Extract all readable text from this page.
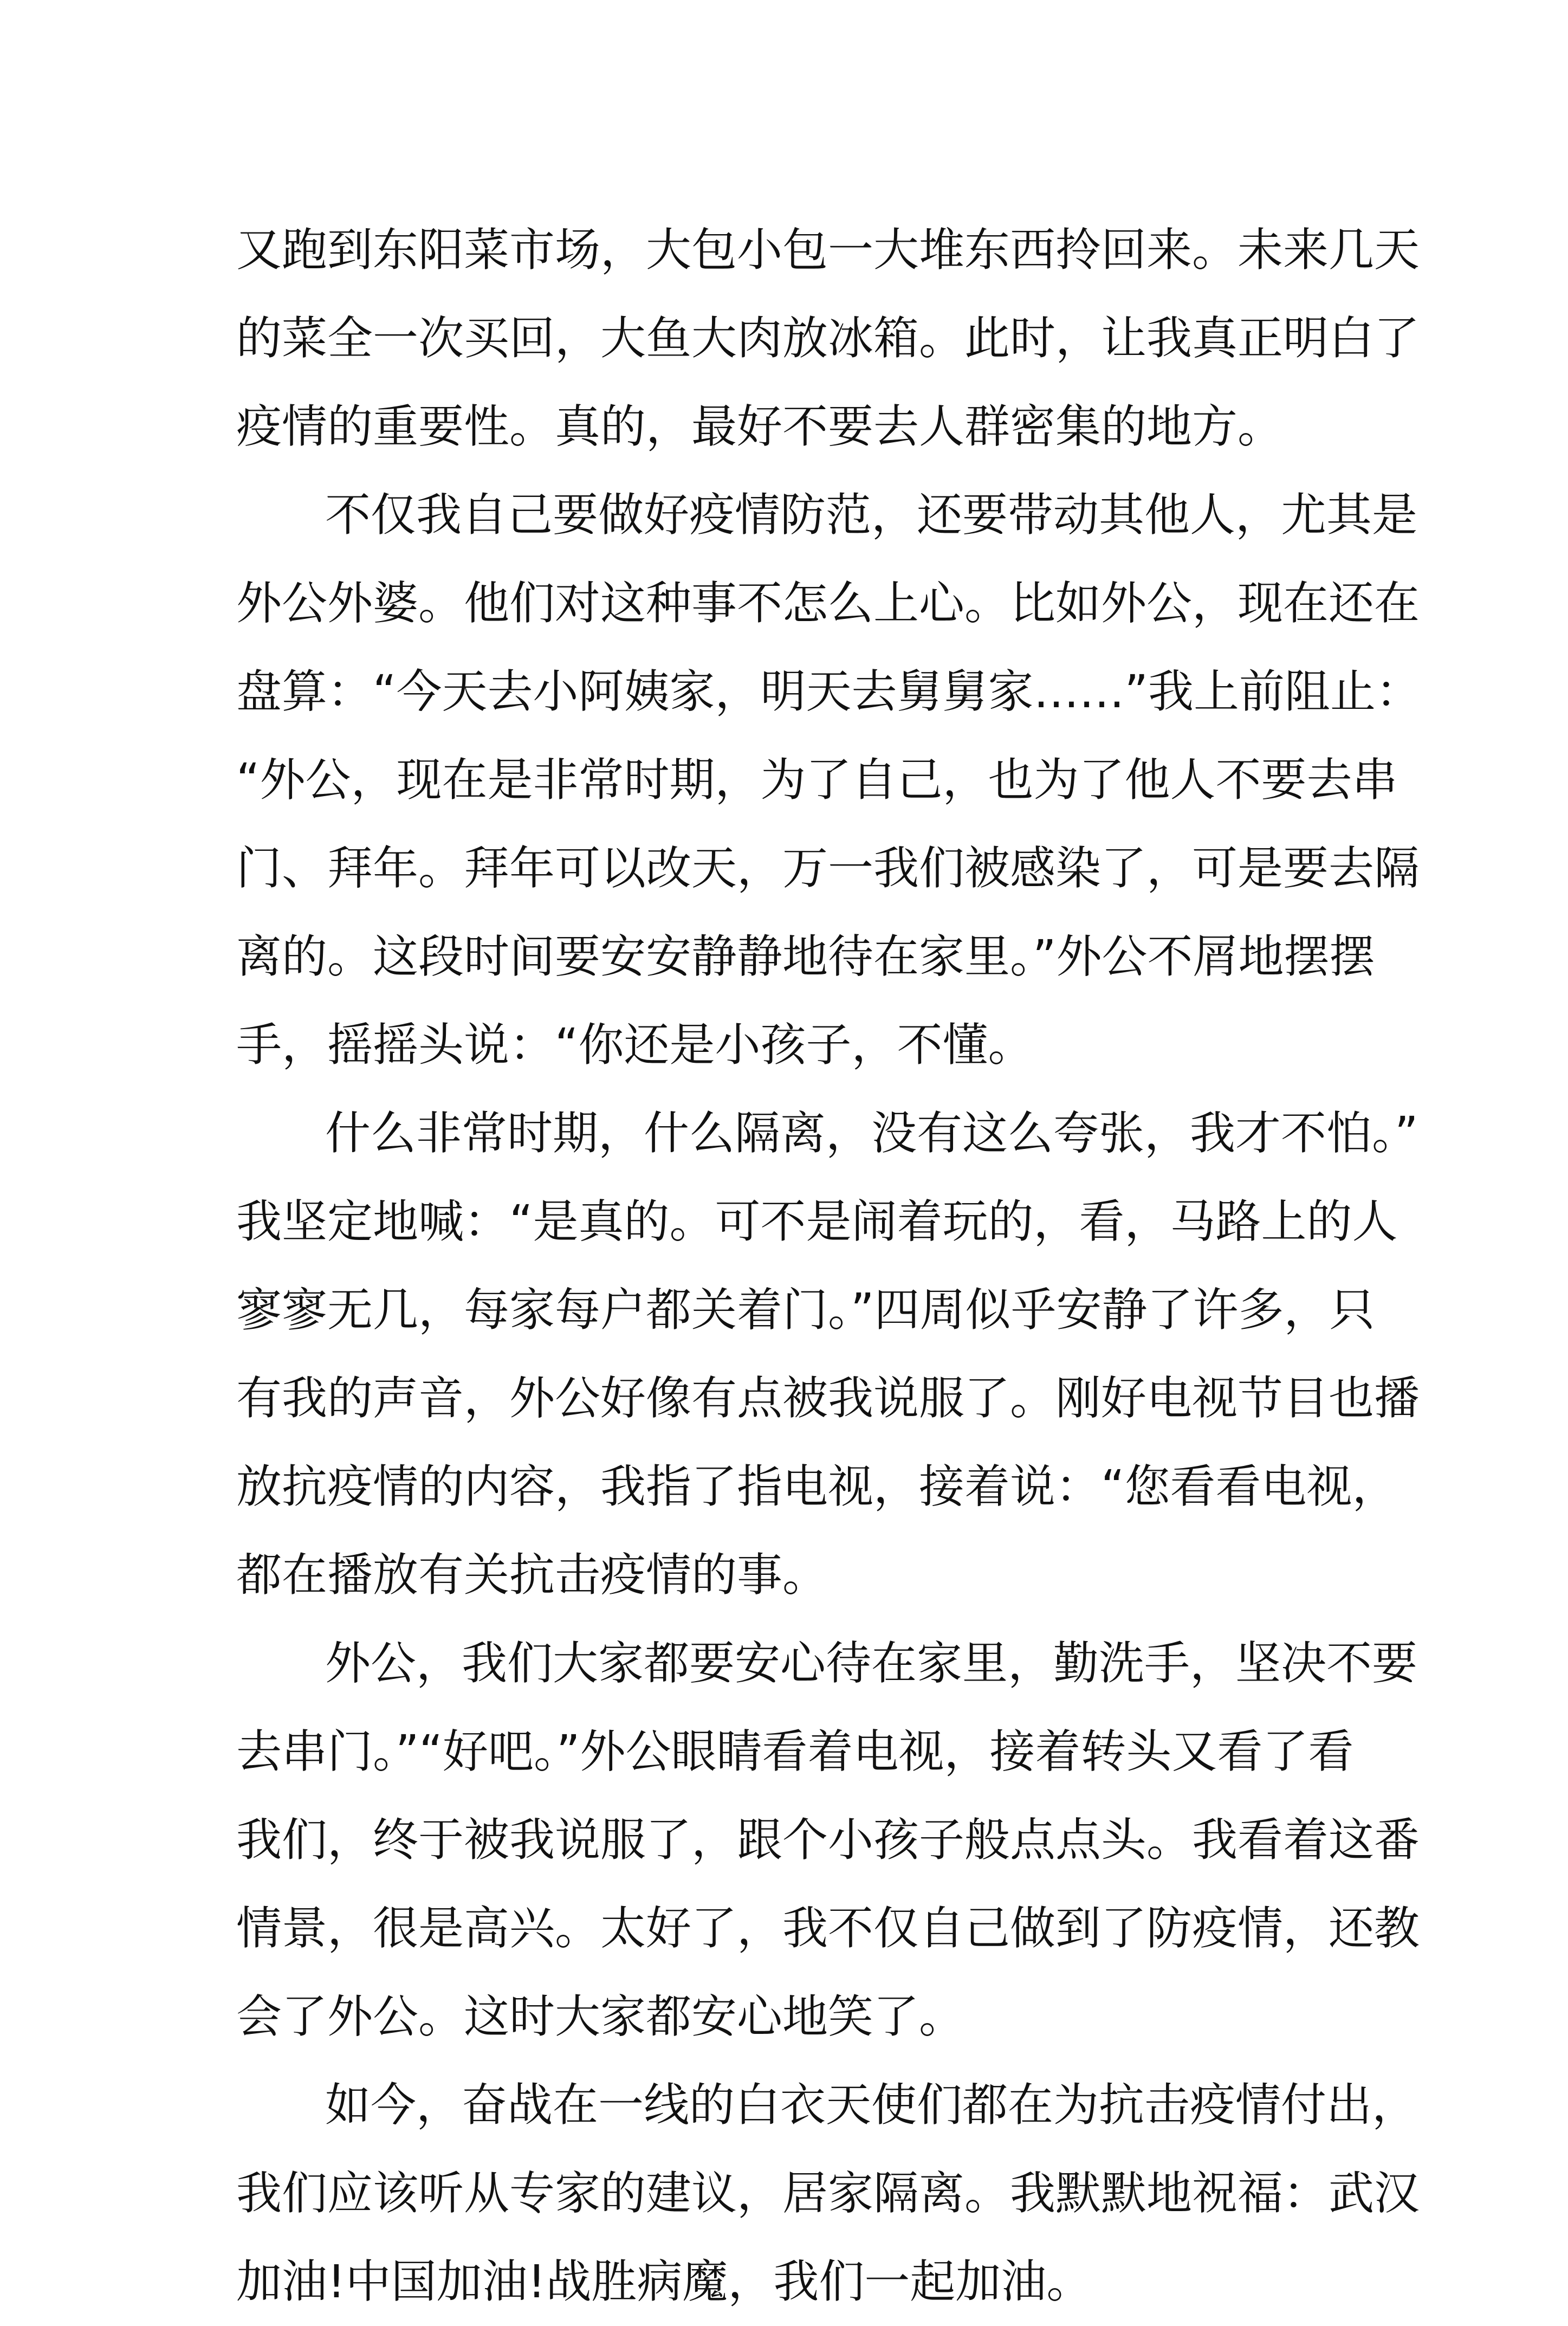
又跑到东阳菜市场，大包小包一大堆东西拎回来。未来几天
的菜全一次买回，大鱼大肉放冰箱。此时，让我真正明白了
疫情的重要性。真的，最好不要去人群密集的地方。
不仅我自己要做好疫情防范，还要带动其他人，尤其是
外公外婆。他们对这种事不怎么上心。比如外公，现在还在
盘算：“今天去小阿姨家，明天去舅舅家……”我上前阻止：
“外公，现在是非常时期，为了自己，也为了他人不要去串
门、拜年。拜年可以改天，万一我们被感染了，可是要去隔
离的。这段时间要安安静静地待在家里。”外公不屑地摆摆
手，摇摇头说：“你还是小孩子，不懂。
什么非常时期，什么隔离，没有这么夸张，我才不怕。”
我坚定地喊：“是真的。可不是闹着玩的，看，马路上的人
寥寥无几，每家每户都关着门。”四周似乎安静了许多，只
有我的声音，外公好像有点被我说服了。刚好电视节目也播
放抗疫情的内容，我指了指电视，接着说：“您看看电视，
都在播放有关抗击疫情的事。
外公，我们大家都要安心待在家里，勤洗手，坚决不要
去串门。”“好吧。”外公眼睛看着电视，接着转头又看了看
我们，终于被我说服了，跟个小孩子般点点头。我看着这番
情景，很是高兴。太好了，我不仅自己做到了防疫情，还教
会了外公。这时大家都安心地笑了。
如今，奋战在一线的白衣天使们都在为抗击疫情付出，
我们应该听从专家的建议，居家隔离。我默默地祝福：武汉
加油!中国加油!战胜病魔，我们一起加油。
